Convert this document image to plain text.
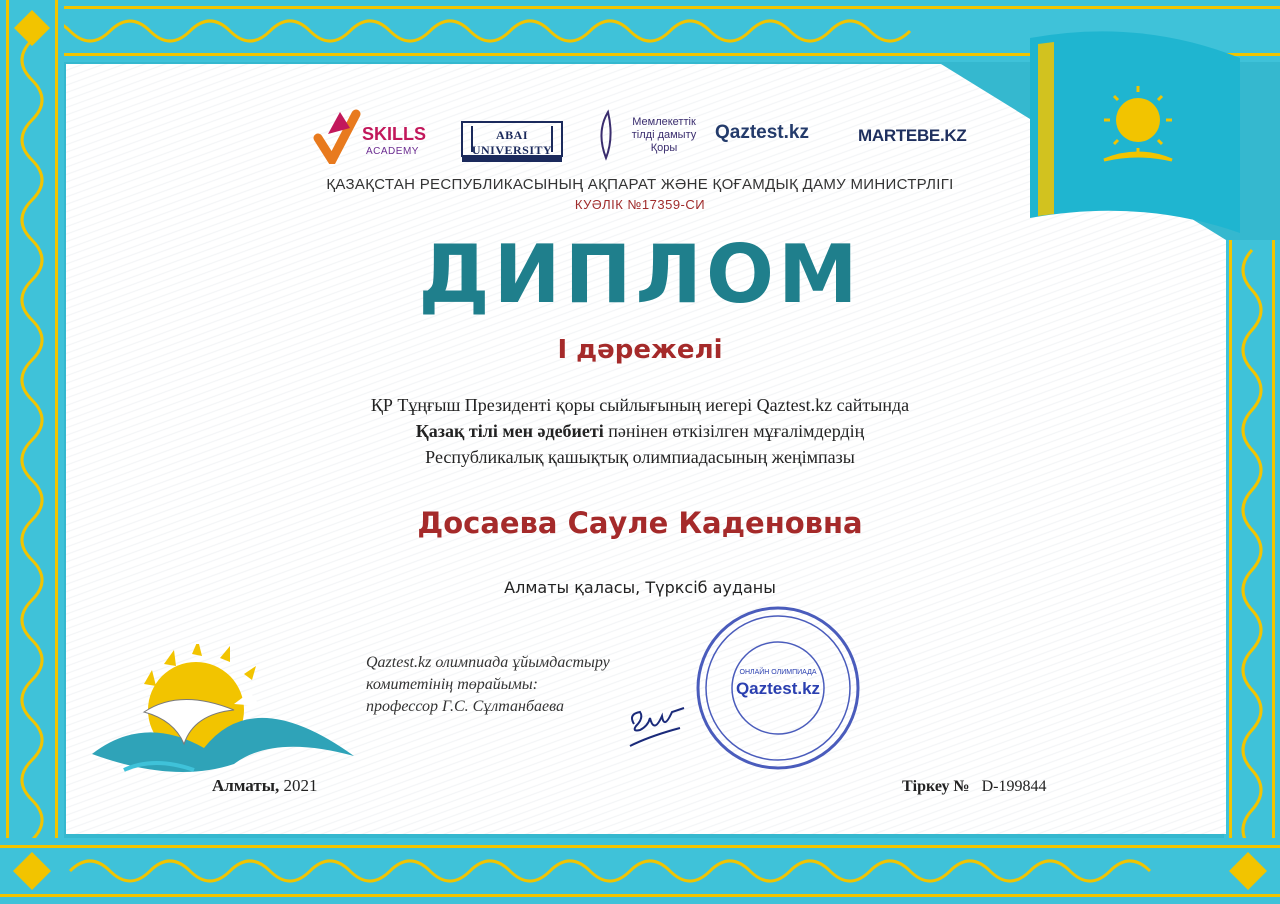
SKILLS
ACADEMY
ABAI UNIVERSITY
Мемлекеттік тілді дамыту Қоры
Qaztest.kz	MARTEBE.KZ
ҚАЗАҚСТАН РЕСПУБЛИКАСЫНЫҢ АҚПАРАТ ЖӘНЕ ҚОҒАМДЫҚ ДАМУ МИНИСТРЛІГІ
КУӘЛІК №17359-СИ
ДИПЛОМ
I дәрежелі
ҚР Тұңғыш Президенті қоры сыйлығының иегері Qaztest.kz сайтында
Қазақ тілі мен әдебиеті пәнінен өткізілген мұғалімдердің
Республикалық қашықтық олимпиадасының жеңімпазы
Досаева Сауле Каденовна
Алматы қаласы, Түрксіб ауданы
Qaztest.kz олимпиада ұйымдастыру
комитетінің төрайымы:
профессор Г.С. Сұлтанбаева
ОНЛАЙН ОЛИМПИАДА
Qaztest.kz
Алматы, 2021	Тіркеу № D-199844
